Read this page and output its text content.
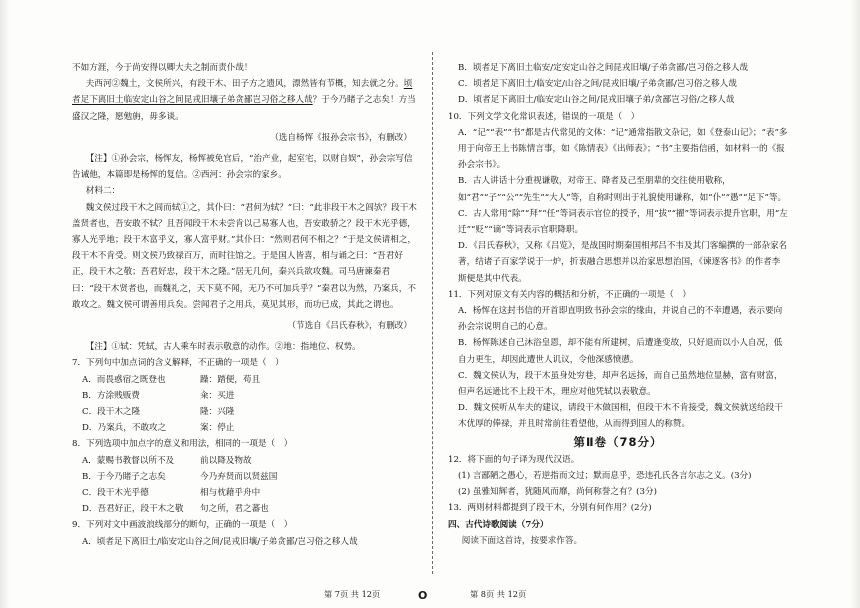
不如方涯，今于尚安得以卿大夫之制而责仆哉！

夫西河②魏土，文侯所兴，有段干木、田子方之遗风，漂然皆有节概，知去就之分。顷者足下离旧土临安定山谷之间昆戎旧壤子弟贪鄙岂习俗之移人哉？于今乃睹子之志矣！方当盛汉之隆，愿勉旃，毋多谈。

（选自杨恽《报孙会宗书》，有删改）

【注】①孙会宗，杨恽友，杨恽被免官后，“治产业，起室宅，以财自娱”，孙会宗写信告诫他，本篇即是杨恽的复信。②西河：孙会宗的家乡。

材料二：

魏文侯过段干木之闾而轼①之，其仆曰：“君何为轼？”曰：“此非段干木之闾欤？段干木盖贤者也，吾安敢不轼？且吾闻段干木未尝肯以己易寡人也，吾安敢骄之？段干木光乎德，寡人光乎地；段干木富乎义，寡人富乎财。”其仆曰：“然则君何不相之？”于是文侯请相之，段干木不肯受。则文侯乃致禄百万，而时往馆之。于是国人皆喜，相与诵之曰：“吾君好正，段干木之敬；吾君好忠，段干木之隆。”居无几何，秦兴兵欲攻魏。司马唐谏秦君曰：“段干木贤者也，而魏礼之，天下莫不闻，无乃不可加兵乎？”秦君以为然，乃案兵，不敢攻之。魏文侯可谓善用兵矣。尝闻君子之用兵，莫见其形，而功已成，其此之谓也。

（节选自《吕氏春秋》，有删改）

【注】①轼：凭轼，古人乘车时表示敬意的动作。②地：指地位、权势。

7．下列句中加点词的含义解释，不正确的一项是（　）

A．而畏惑宿之既登也	躁：踏便，苟且
B．方涂贱贩费	籴：买进
C．段干木之隆	隆：兴隆
D．乃案兵，不敢攻之	案：停止

8．下列选项中加点字的意义和用法，相同的一项是（　）

A．蒙赐书教督以所不及	前以降及物故
B．于今乃睹子之志矣	今乃弃贤而以贤兹国
C．段干木光乎德	相与枕藉乎舟中
D．吾君好正，段干木之敬	句之所，君之蕃也

9．下列对文中画波浪线部分的断句，正确的一项是（　）

A．顷者足下离旧土/临安定山谷之间/昆戎旧壤/子弟贪鄙/岂习俗之移人哉

B．顷者足下离旧土临安/定安定山谷之间昆戎旧壤/子弟贪鄙/岂习俗之移人哉

C．顷者足下离旧土/临安定/山谷之间/昆戎旧壤/子弟贪鄙/岂习俗之移人哉

D．顷者足下离旧土/临安定山谷之间/昆戎旧壤子弟/贪鄙岂习俗/之移人哉

10．下列文学文化常识表述，错误的一项是（　）

A．“记”“表”“书”都是古代常见的文体：“记”通常指散文杂记，如《登泰山记》；“表”多用于向帝王上书陈情言事，如《陈情表》《出师表》；“书”主要指信函，如材料一的《报孙会宗书》。

B．古人讲话十分重视谦敬，对帝王、降者及己至朋辈的交往使用敬称，如“君”“子”“公”“先生”“大人”等，自称时则出于礼貌使用谦称，如“仆”“愚”“足下”等。

C．古人常用“除”“拜”“任”等词表示官位的授予，用“拔”“擢”等词表示提升官职，用“左迁”“贬”“谪”等词表示官职降职。

D．《吕氏春秋》，又称《吕览》，是战国时期秦国相邦吕不韦及其门客编撰的一部杂家名著，结诸子百家学说于一炉，折衷融合思想并以治家思想治国，《谏逐客书》的作者李斯便是其中代表。

11．下列对原文有关内容的概括和分析，不正确的一项是（　）

A．杨恽在这封书信的开首即直明致书孙会宗的缘由，并说自己的不幸遭遇，表示要向孙会宗说明自己的心意。

B．杨恽陈述自己沐浴皇恩，却不能有所建树，后遭逢变故，只好退而以小人自况，低自力更生，却因此遭世人讥议，令他深感愤懑。

C．魏文侯认为，段干木虽身处穷巷，却声名远扬，而自己虽然地位显赫，富有财富，但声名远逊比不上段干木，理应对他凭轼以表敬意。

D．魏文侯听从车夫的建议，请段干木做国相，但段干木不肯接受，魏文侯就送给段干木优厚的俸禄，并且时常前往看望他，从而得到国人的称赞。

第Ⅱ卷（78分）

12．将下面的句子译为现代汉语。

(1) 言鄙陋之愚心，若逆指而文过；默而息乎，恐违孔氏各言尔志之义。(3分)

(2) 虽雅知辉者，犹随风而靡，尚何称誉之有？(3分)

13．两则材料都提到了段干木，分别有何作用？(2分)

四、古代诗歌阅读（7分）

阅读下面这首诗，按要求作答。

第 7页 共 12页	O	第 8页 共 12页
